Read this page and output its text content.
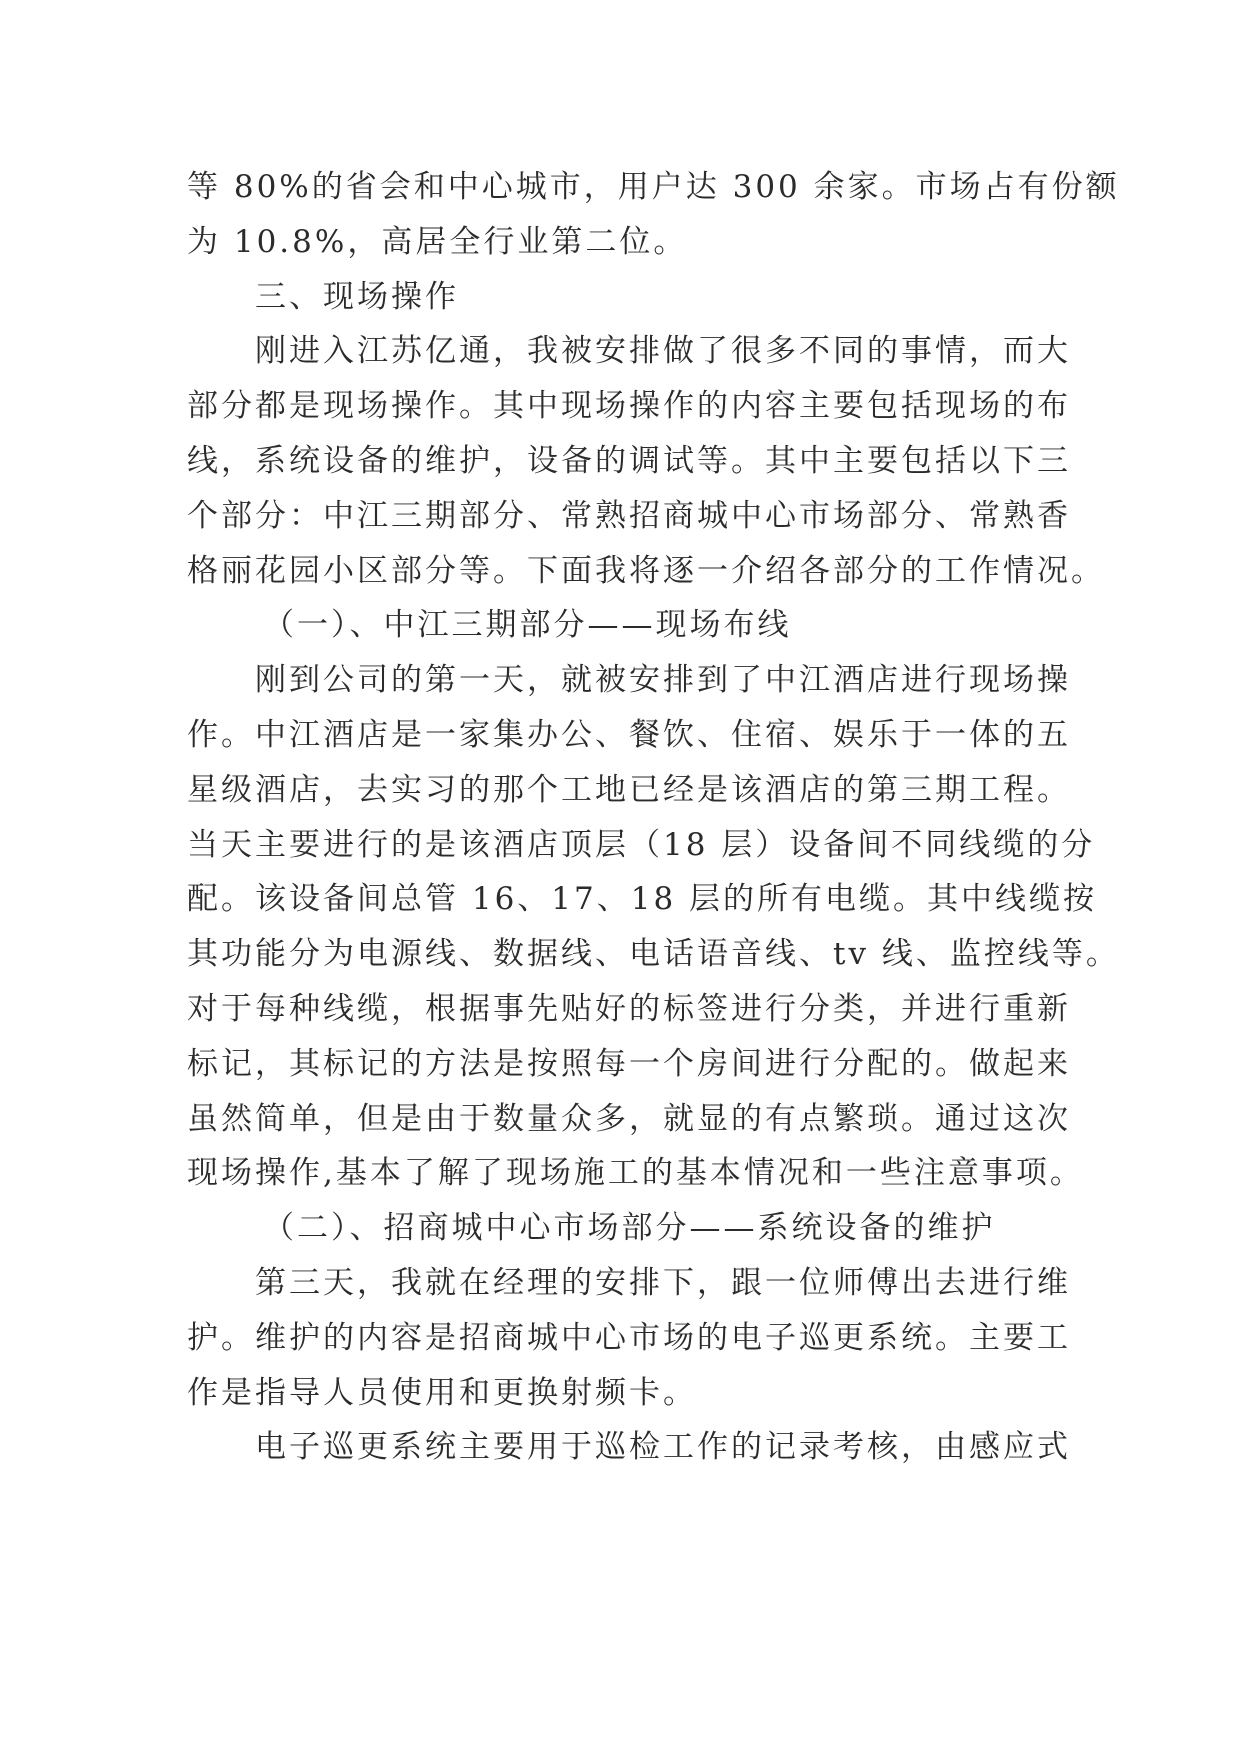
等 80%的省会和中心城市，用户达 300 余家。市场占有份额
为 10.8%，高居全行业第二位。
三、现场操作
刚进入江苏亿通，我被安排做了很多不同的事情，而大
部分都是现场操作。其中现场操作的内容主要包括现场的布
线，系统设备的维护，设备的调试等。其中主要包括以下三
个部分：中江三期部分、常熟招商城中心市场部分、常熟香
格丽花园小区部分等。下面我将逐一介绍各部分的工作情况。
（一）、中江三期部分——现场布线
刚到公司的第一天，就被安排到了中江酒店进行现场操
作。中江酒店是一家集办公、餐饮、住宿、娱乐于一体的五
星级酒店，去实习的那个工地已经是该酒店的第三期工程。
当天主要进行的是该酒店顶层（18 层）设备间不同线缆的分
配。该设备间总管 16、17、18 层的所有电缆。其中线缆按
其功能分为电源线、数据线、电话语音线、tv 线、监控线等。
对于每种线缆，根据事先贴好的标签进行分类，并进行重新
标记，其标记的方法是按照每一个房间进行分配的。做起来
虽然简单，但是由于数量众多，就显的有点繁琐。通过这次
现场操作,基本了解了现场施工的基本情况和一些注意事项。
（二）、招商城中心市场部分——系统设备的维护
第三天，我就在经理的安排下，跟一位师傅出去进行维
护。维护的内容是招商城中心市场的电子巡更系统。主要工
作是指导人员使用和更换射频卡。
电子巡更系统主要用于巡检工作的记录考核，由感应式
